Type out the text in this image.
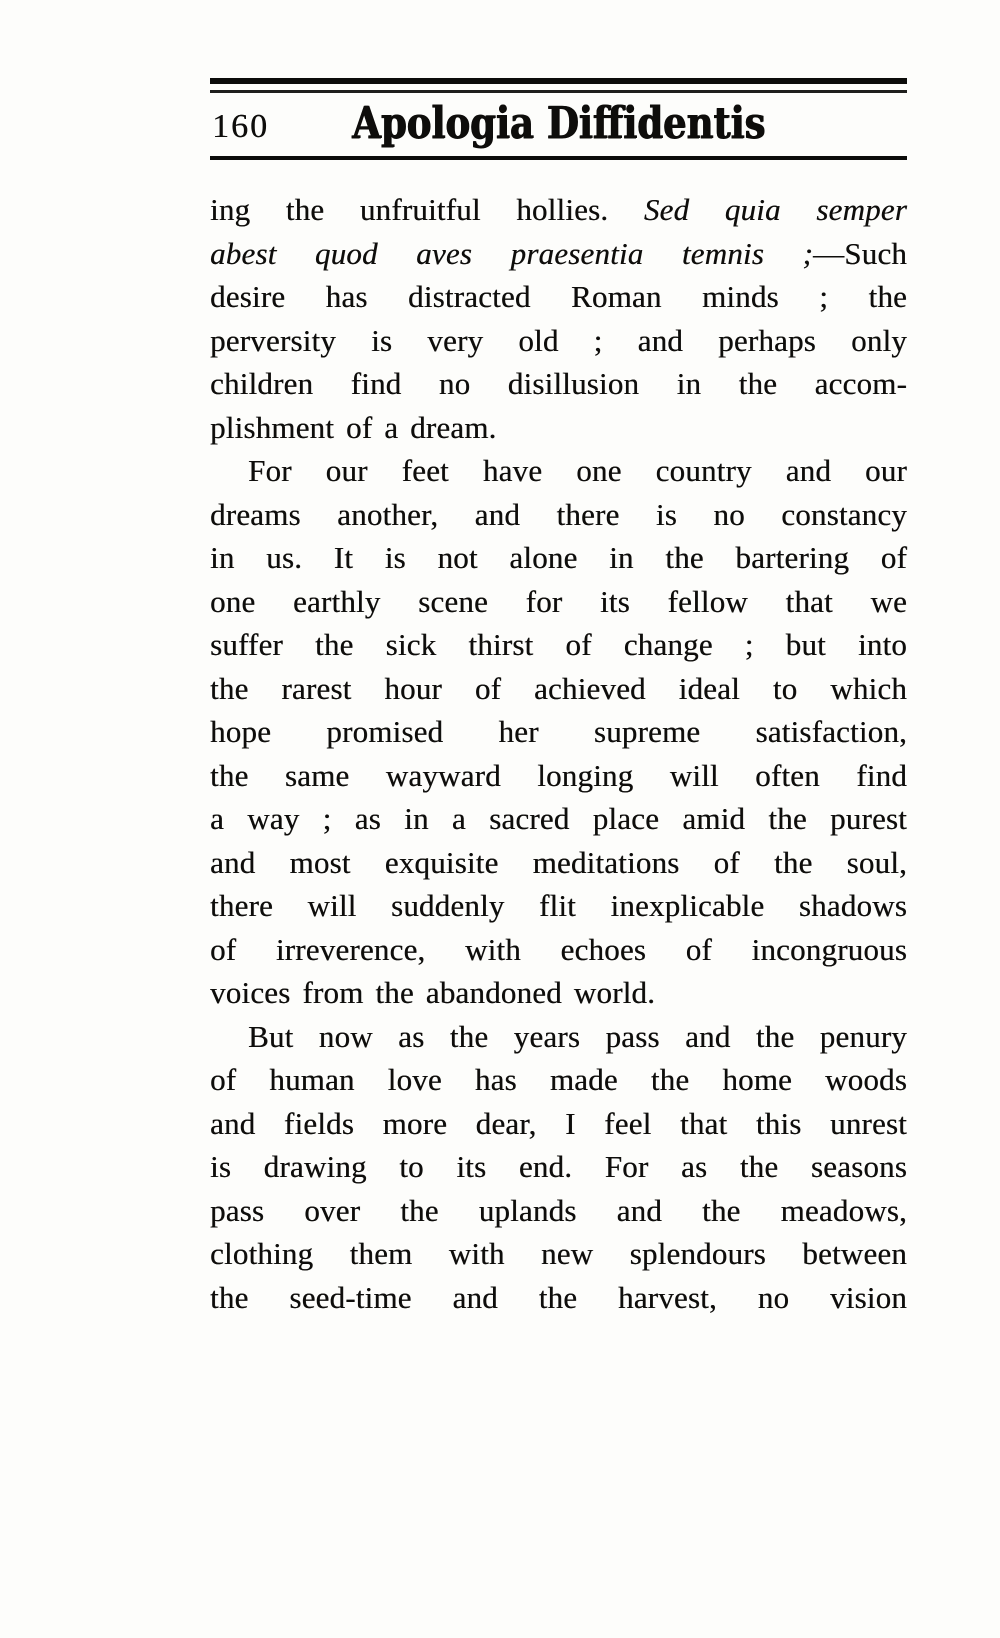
160	Apologia Diffidentis
ing the unfruitful hollies. Sed quia semper
abest quod aves praesentia temnis ;—Such
desire has distracted Roman minds ; the
perversity is very old ; and perhaps only
children find no disillusion in the accom-
plishment of a dream.
For our feet have one country and our
dreams another, and there is no constancy
in us. It is not alone in the bartering of
one earthly scene for its fellow that we
suffer the sick thirst of change ; but into
the rarest hour of achieved ideal to which
hope promised her supreme satisfaction,
the same wayward longing will often find
a way ; as in a sacred place amid the purest
and most exquisite meditations of the soul,
there will suddenly flit inexplicable shadows
of irreverence, with echoes of incongruous
voices from the abandoned world.
But now as the years pass and the penury
of human love has made the home woods
and fields more dear, I feel that this unrest
is drawing to its end. For as the seasons
pass over the uplands and the meadows,
clothing them with new splendours between
the seed-time and the harvest, no vision
